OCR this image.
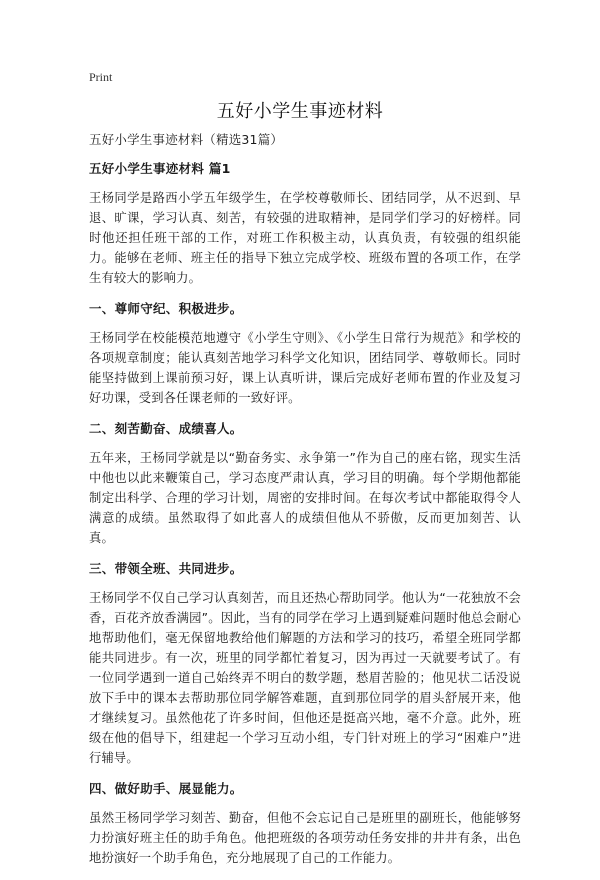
Print
五好小学生事迹材料

五好小学生事迹材料（精选31篇）

五好小学生事迹材料 篇1

王杨同学是路西小学五年级学生，在学校尊敬师长、团结同学，从不迟到、早退、旷课，学习认真、刻苦，有较强的进取精神，是同学们学习的好榜样。同时他还担任班干部的工作，对班工作积极主动，认真负责，有较强的组织能力。能够在老师、班主任的指导下独立完成学校、班级布置的各项工作，在学生有较大的影响力。

一、尊师守纪、积极进步。

王杨同学在校能模范地遵守《小学生守则》、《小学生日常行为规范》和学校的各项规章制度；能认真刻苦地学习科学文化知识，团结同学、尊敬师长。同时能坚持做到上课前预习好，课上认真听讲，课后完成好老师布置的作业及复习好功课，受到各任课老师的一致好评。

二、刻苦勤奋、成绩喜人。

五年来，王杨同学就是以“勤奋务实、永争第一”作为自己的座右铭，现实生活中他也以此来鞭策自己，学习态度严肃认真，学习目的明确。每个学期他都能制定出科学、合理的学习计划，周密的安排时间。在每次考试中都能取得令人满意的成绩。虽然取得了如此喜人的成绩但他从不骄傲，反而更加刻苦、认真。

三、带领全班、共同进步。

王杨同学不仅自己学习认真刻苦，而且还热心帮助同学。他认为“一花独放不会香，百花齐放香满园”。因此，当有的同学在学习上遇到疑难问题时他总会耐心地帮助他们，毫无保留地教给他们解题的方法和学习的技巧，希望全班同学都能共同进步。有一次，班里的同学都忙着复习，因为再过一天就要考试了。有一位同学遇到一道自己始终弄不明白的数学题，愁眉苦脸的；他见状二话没说放下手中的课本去帮助那位同学解答难题，直到那位同学的眉头舒展开来，他才继续复习。虽然他花了许多时间，但他还是挺高兴地，毫不介意。此外，班级在他的倡导下，组建起一个学习互动小组，专门针对班上的学习“困难户”进行辅导。

四、做好助手、展显能力。

虽然王杨同学学习刻苦、勤奋，但他不会忘记自己是班里的副班长，他能够努力扮演好班主任的助手角色。他把班级的各项劳动任务安排的井井有条，出色地扮演好一个助手角色，充分地展现了自己的工作能力。
